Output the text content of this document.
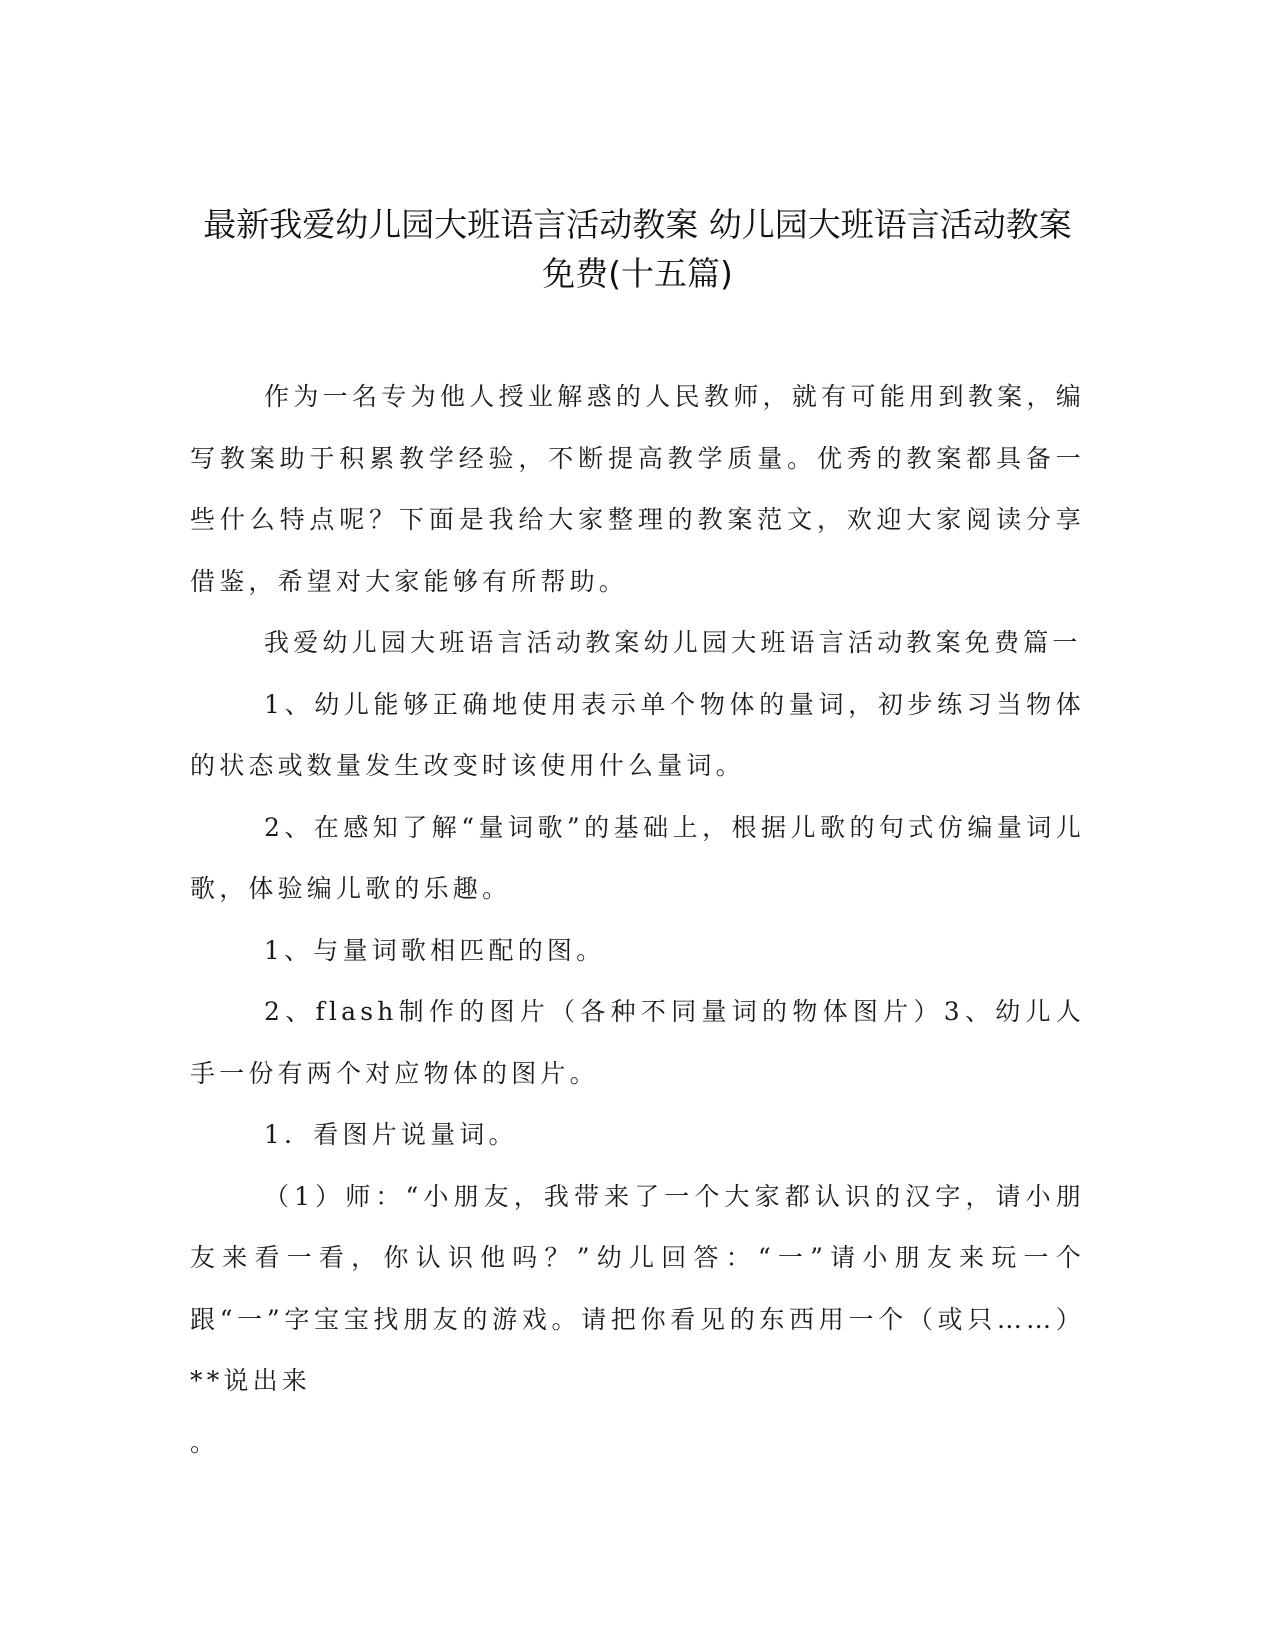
最新我爱幼儿园大班语言活动教案 幼儿园大班语言活动教案
免费(十五篇)

作为一名专为他人授业解惑的人民教师，就有可能用到教案，编写教案助于积累教学经验，不断提高教学质量。优秀的教案都具备一些什么特点呢？下面是我给大家整理的教案范文，欢迎大家阅读分享借鉴，希望对大家能够有所帮助。

我爱幼儿园大班语言活动教案幼儿园大班语言活动教案免费篇一

1、幼儿能够正确地使用表示单个物体的量词，初步练习当物体的状态或数量发生改变时该使用什么量词。

2、在感知了解“量词歌”的基础上，根据儿歌的句式仿编量词儿歌，体验编儿歌的乐趣。

1、与量词歌相匹配的图。

2、flash制作的图片（各种不同量词的物体图片）3、幼儿人手一份有两个对应物体的图片。

1．看图片说量词。

（1）师：“小朋友，我带来了一个大家都认识的汉字，请小朋友来看一看，你认识他吗？”幼儿回答：“一”请小朋友来玩一个跟“一”字宝宝找朋友的游戏。请把你看见的东西用一个（或只……）**说出来

。
